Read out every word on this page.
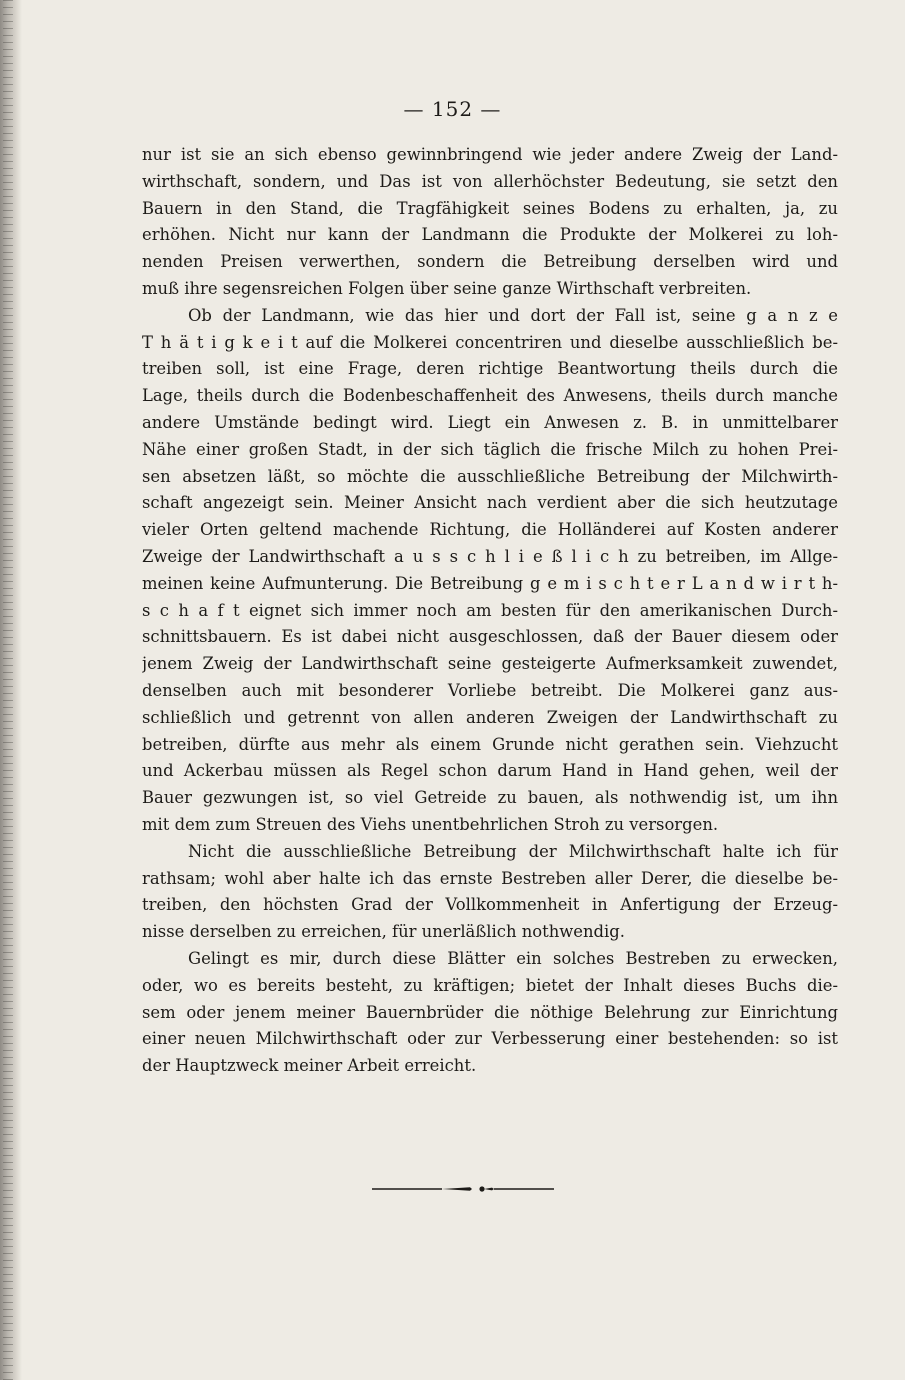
— 152 —
nur ist sie an sich ebenso gewinnbringend wie jeder andere Zweig der Land-
wirthschaft, sondern, und Das ist von allerhöchster Bedeutung, sie setzt den
Bauern in den Stand, die Tragfähigkeit seines Bodens zu erhalten, ja, zu
erhöhen. Nicht nur kann der Landmann die Produkte der Molkerei zu loh-
nenden Preisen verwerthen, sondern die Betreibung derselben wird und
muß ihre segensreichen Folgen über seine ganze Wirthschaft verbreiten.
Ob der Landmann, wie das hier und dort der Fall ist, seine g a n z e
T h ä t i g k e i t auf die Molkerei concentriren und dieselbe ausschließlich be-
treiben soll, ist eine Frage, deren richtige Beantwortung theils durch die
Lage, theils durch die Bodenbeschaffenheit des Anwesens, theils durch manche
andere Umstände bedingt wird. Liegt ein Anwesen z. B. in unmittelbarer
Nähe einer großen Stadt, in der sich täglich die frische Milch zu hohen Prei-
sen absetzen läßt, so möchte die ausschließliche Betreibung der Milchwirth-
schaft angezeigt sein. Meiner Ansicht nach verdient aber die sich heutzutage
vieler Orten geltend machende Richtung, die Holländerei auf Kosten anderer
Zweige der Landwirthschaft a u s s c h l i e ß l i c h zu betreiben, im Allge-
meinen keine Aufmunterung. Die Betreibung g e m i s c h t e r L a n d w i r t h-
s c h a f t eignet sich immer noch am besten für den amerikanischen Durch-
schnittsbauern. Es ist dabei nicht ausgeschlossen, daß der Bauer diesem oder
jenem Zweig der Landwirthschaft seine gesteigerte Aufmerksamkeit zuwendet,
denselben auch mit besonderer Vorliebe betreibt. Die Molkerei ganz aus-
schließlich und getrennt von allen anderen Zweigen der Landwirthschaft zu
betreiben, dürfte aus mehr als einem Grunde nicht gerathen sein. Viehzucht
und Ackerbau müssen als Regel schon darum Hand in Hand gehen, weil der
Bauer gezwungen ist, so viel Getreide zu bauen, als nothwendig ist, um ihn
mit dem zum Streuen des Viehs unentbehrlichen Stroh zu versorgen.
Nicht die ausschließliche Betreibung der Milchwirthschaft halte ich für
rathsam; wohl aber halte ich das ernste Bestreben aller Derer, die dieselbe be-
treiben, den höchsten Grad der Vollkommenheit in Anfertigung der Erzeug-
nisse derselben zu erreichen, für unerläßlich nothwendig.
Gelingt es mir, durch diese Blätter ein solches Bestreben zu erwecken,
oder, wo es bereits besteht, zu kräftigen; bietet der Inhalt dieses Buchs die-
sem oder jenem meiner Bauernbrüder die nöthige Belehrung zur Einrichtung
einer neuen Milchwirthschaft oder zur Verbesserung einer bestehenden: so ist
der Hauptzweck meiner Arbeit erreicht.
